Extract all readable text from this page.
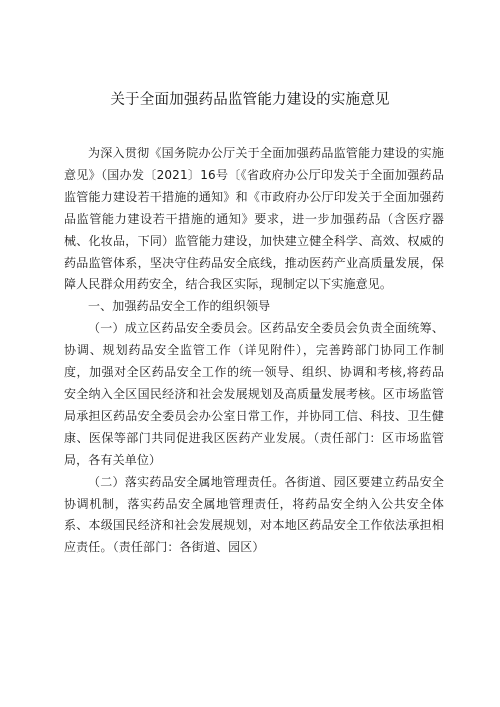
关于全面加强药品监管能力建设的实施意见

为深入贯彻《国务院办公厅关于全面加强药品监管能力建设的实施意见》（国办发〔2021〕16号〔《省政府办公厅印发关于全面加强药品监管能力建设若干措施的通知》和《市政府办公厅印发关于全面加强药品监管能力建设若干措施的通知》要求，进一步加强药品（含医疗器械、化妆品，下同）监管能力建设，加快建立健全科学、高效、权威的药品监管体系，坚决守住药品安全底线，推动医药产业高质量发展，保障人民群众用药安全，结合我区实际，现制定以下实施意见。

一、加强药品安全工作的组织领导

（一）成立区药品安全委员会。区药品安全委员会负责全面统筹、协调、规划药品安全监管工作（详见附件），完善跨部门协同工作制度，加强对全区药品安全工作的统一领导、组织、协调和考核,将药品安全纳入全区国民经济和社会发展规划及高质量发展考核。区市场监管局承担区药品安全委员会办公室日常工作，并协同工信、科技、卫生健康、医保等部门共同促进我区医药产业发展。（责任部门：区市场监管局，各有关单位）

（二）落实药品安全属地管理责任。各街道、园区要建立药品安全协调机制，落实药品安全属地管理责任，将药品安全纳入公共安全体系、本级国民经济和社会发展规划，对本地区药品安全工作依法承担相应责任。（责任部门：各街道、园区）
